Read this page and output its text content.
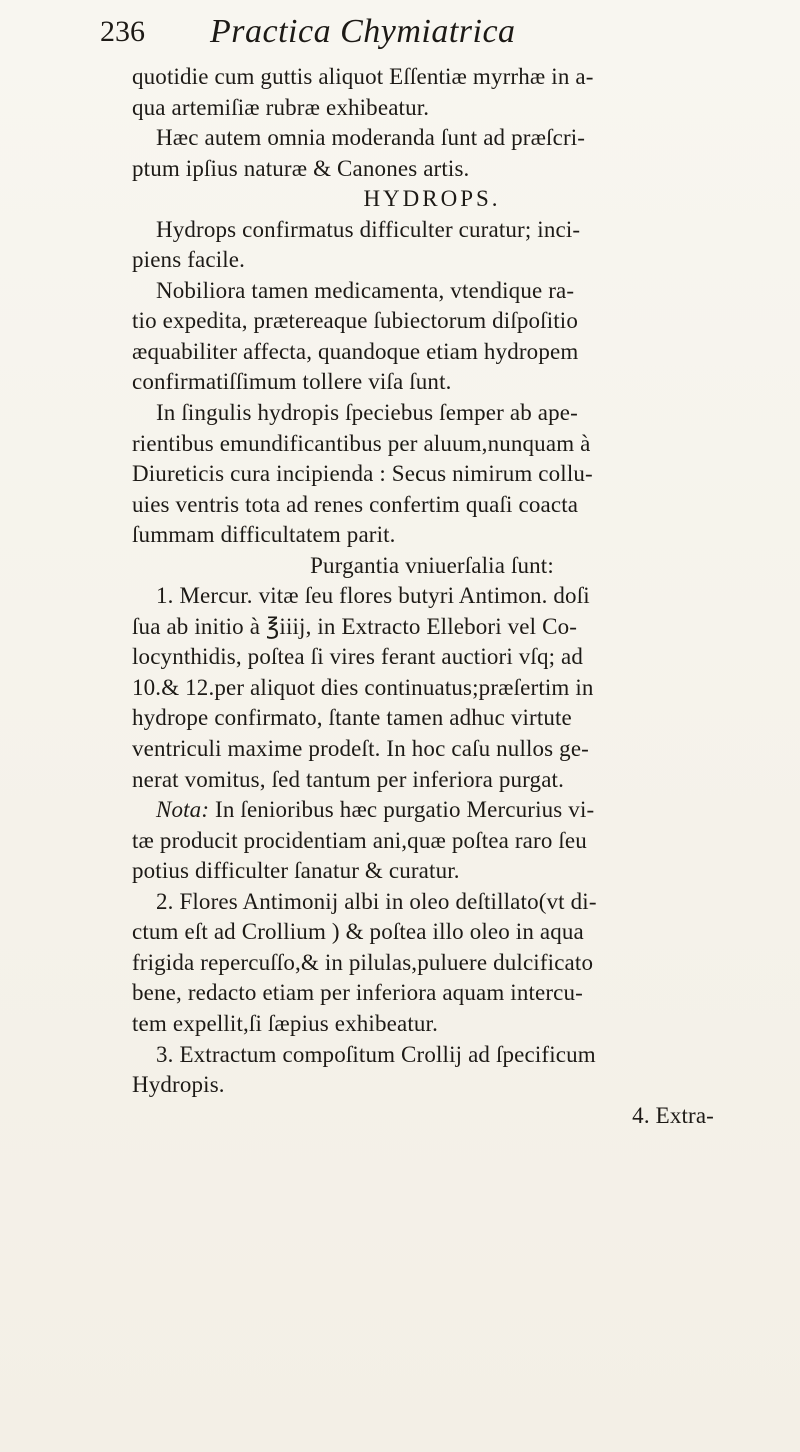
236 Practica Chymiatrica
quotidie cum guttis aliquot Eſſentiæ myrrhæ in a-
qua artemiſiæ rubræ exhibeatur.
Hæc autem omnia moderanda ſunt ad præſcri-
ptum ipſius naturæ & Canones artis.
HYDROPS.
Hydrops confirmatus difficulter curatur; inci-
piens facile.
Nobiliora tamen medicamenta, vtendique ra-
tio expedita, prætereaque ſubiectorum diſpoſitio
æquabiliter affecta, quandoque etiam hydropem
confirmatiſſimum tollere viſa ſunt.
In ſingulis hydropis ſpeciebus ſemper ab ape-
rientibus emundificantibus per aluum,nunquam à
Diureticis cura incipienda : Secus nimirum collu-
uies ventris tota ad renes confertim quaſi coacta
ſummam difficultatem parit.
Purgantia vniuerſalia ſunt:
1. Mercur. vitæ ſeu flores butyri Antimon. doſi
ſua ab initio à ℥iiij, in Extracto Ellebori vel Co-
locynthidis, poſtea ſi vires ferant auctiori vſq; ad
10.& 12.per aliquot dies continuatus;præſertim in
hydrope confirmato, ſtante tamen adhuc virtute
ventriculi maxime prodeſt. In hoc caſu nullos ge-
nerat vomitus, ſed tantum per inferiora purgat.
Nota: In ſenioribus hæc purgatio Mercurius vi-
tæ producit procidentiam ani,quæ poſtea raro ſeu
potius difficulter ſanatur & curatur.
2. Flores Antimonij albi in oleo deſtillato(vt di-
ctum eſt ad Crollium ) & poſtea illo oleo in aqua
frigida repercuſſo,& in pilulas,puluere dulcificato
bene, redacto etiam per inferiora aquam intercu-
tem expellit,ſi ſæpius exhibeatur.
3. Extractum compoſitum Crollij ad ſpecificum
Hydropis.
4. Extra-
